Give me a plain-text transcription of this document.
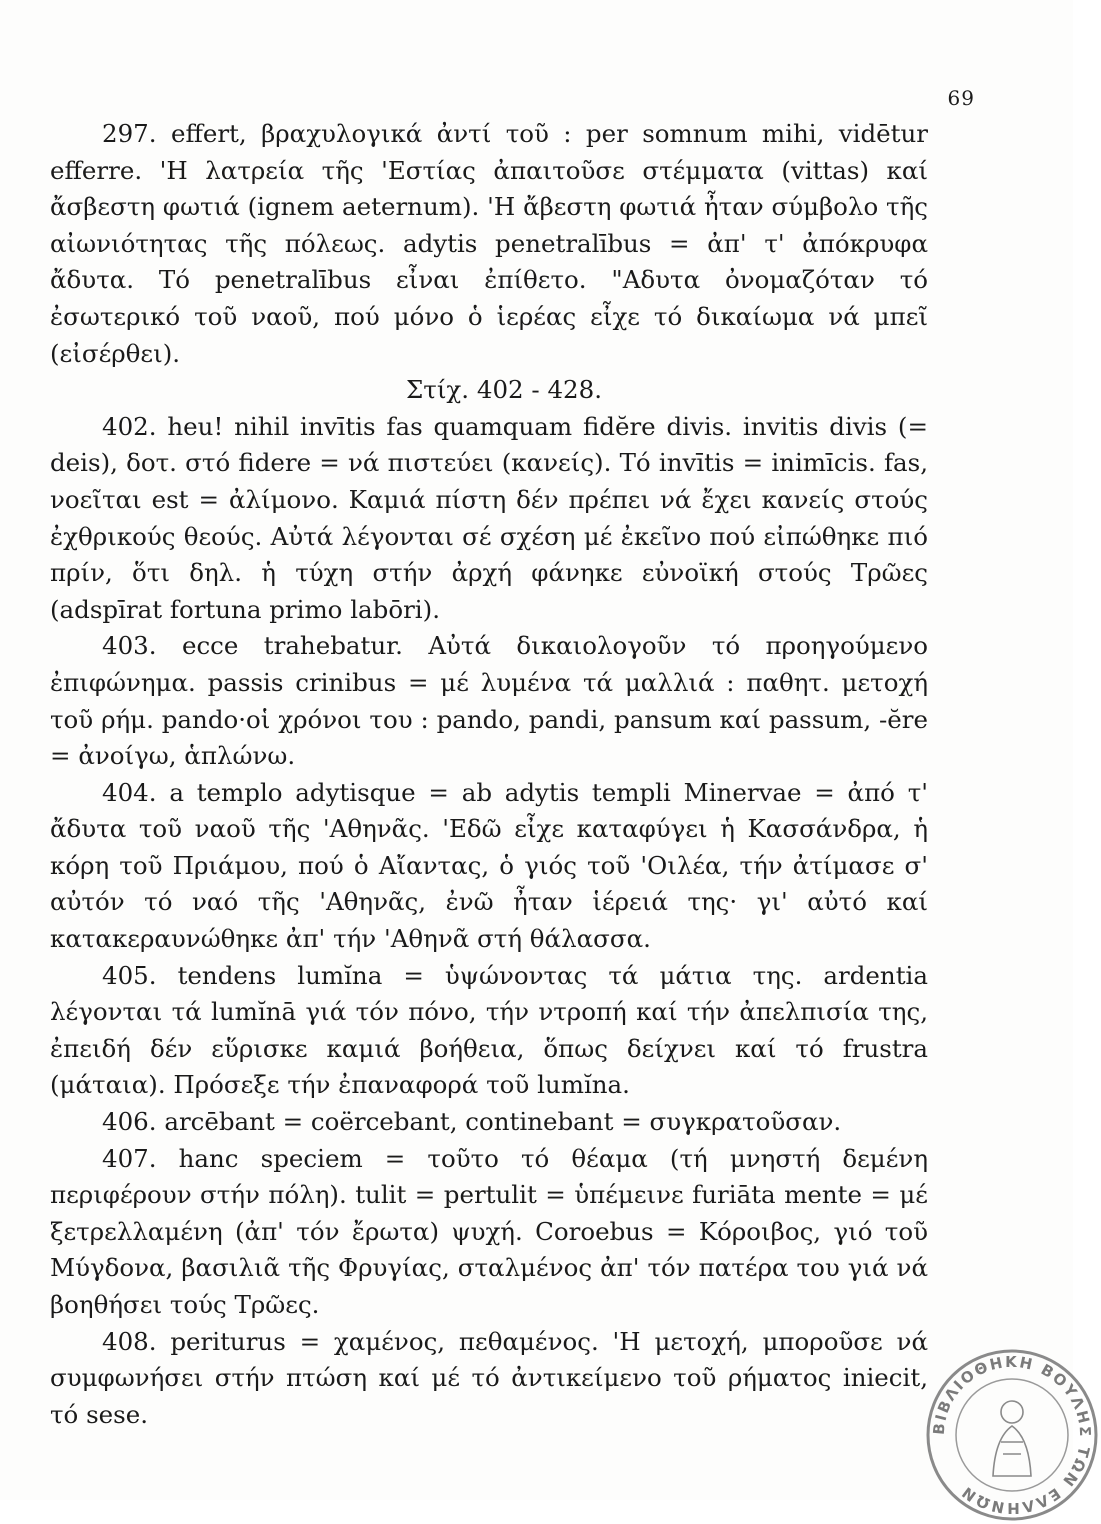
69

297. effert, βραχυλογικά ἀντί τοῦ : per somnum mihi, vidētur efferre. 'Η λατρεία τῆς 'Εστίας ἀπαιτοῦσε στέμματα (vittas) καί ἄσβεστη φωτιά (ignem aeternum). 'Η ἄβεστη φωτιά ἦταν σύμβολο τῆς αἰωνιότητας τῆς πόλεως. adytis penetralībus = ἀπ' τ' ἀπόκρυφα ἄδυτα. Τό penetralībus εἶναι ἐπίθετο. "Αδυτα ὀνομαζόταν τό ἐσωτερικό τοῦ ναοῦ, πού μόνο ὁ ἱερέας εἶχε τό δικαίωμα νά μπεῖ (εἰσέρθει).

Στίχ. 402 - 428.

402. heu! nihil invītis fas quamquam fidĕre divis. invitis divis (= deis), δοτ. στό fidere = νά πιστεύει (κανείς). Τό invītis = inimīcis. fas, νοεῖται est = ἀλίμονο. Καμιά πίστη δέν πρέπει νά ἔχει κανείς στούς ἐχθρικούς θεούς. Αὐτά λέγονται σέ σχέση μέ ἐκεῖνο πού εἰπώθηκε πιό πρίν, ὅτι δηλ. ἡ τύχη στήν ἀρχή φάνηκε εὐνοϊκή στούς Τρῶες (adspīrat fortuna primo labōri).

403. ecce trahebatur. Αὐτά δικαιολογοῦν τό προηγούμενο ἐπιφώνημα. passis crinibus = μέ λυμένα τά μαλλιά : παθητ. μετοχή τοῦ ρήμ. pando·οἱ χρόνοι του : pando, pandi, pansum καί passum, -ĕre = ἀνοίγω, ἁπλώνω.

404. a templo adytisque = ab adytis templi Minervae = ἀπό τ' ἄδυτα τοῦ ναοῦ τῆς 'Αθηνᾶς. 'Εδῶ εἶχε καταφύγει ἡ Κασσάνδρα, ἡ κόρη τοῦ Πριάμου, πού ὁ Αἴαντας, ὁ γιός τοῦ 'Οιλέα, τήν ἀτίμασε σ' αὐτόν τό ναό τῆς 'Αθηνᾶς, ἐνῶ ἦταν ἱέρειά της· γι' αὐτό καί κατακεραυνώθηκε ἀπ' τήν 'Αθηνᾶ στή θάλασσα.

405. tendens lumĭna = ὑψώνοντας τά μάτια της. ardentia λέγονται τά lumĭnā γιά τόν πόνο, τήν ντροπή καί τήν ἀπελπισία της, ἐπειδή δέν εὕρισκε καμιά βοήθεια, ὅπως δείχνει καί τό frustra (μάταια). Πρόσεξε τήν ἐπαναφορά τοῦ lumĭna.

406. arcēbant = coërcebant, continebant = συγκρατοῦσαν.

407. hanc speciem = τοῦτο τό θέαμα (τή μνηστή δεμένη περιφέρουν στήν πόλη). tulit = pertulit = ὑπέμεινε furiāta mente = μέ ξετρελλαμένη (ἀπ' τόν ἔρωτα) ψυχή. Coroebus = Κόροιβος, γιό τοῦ Μύγδονα, βασιλιᾶ τῆς Φρυγίας, σταλμένος ἀπ' τόν πατέρα του γιά νά βοηθήσει τούς Τρῶες.

408. periturus = χαμένος, πεθαμένος. 'Η μετοχή, μποροῦσε νά συμφωνήσει στήν πτώση καί μέ τό ἀντικείμενο τοῦ ρήματος iniecit, τό sese.	ΒΙΒΛΙΟΘΗΚΗ ΒΟΥΛΗΣ ΤΩΝ ΕΛΛΗΝΩΝ
